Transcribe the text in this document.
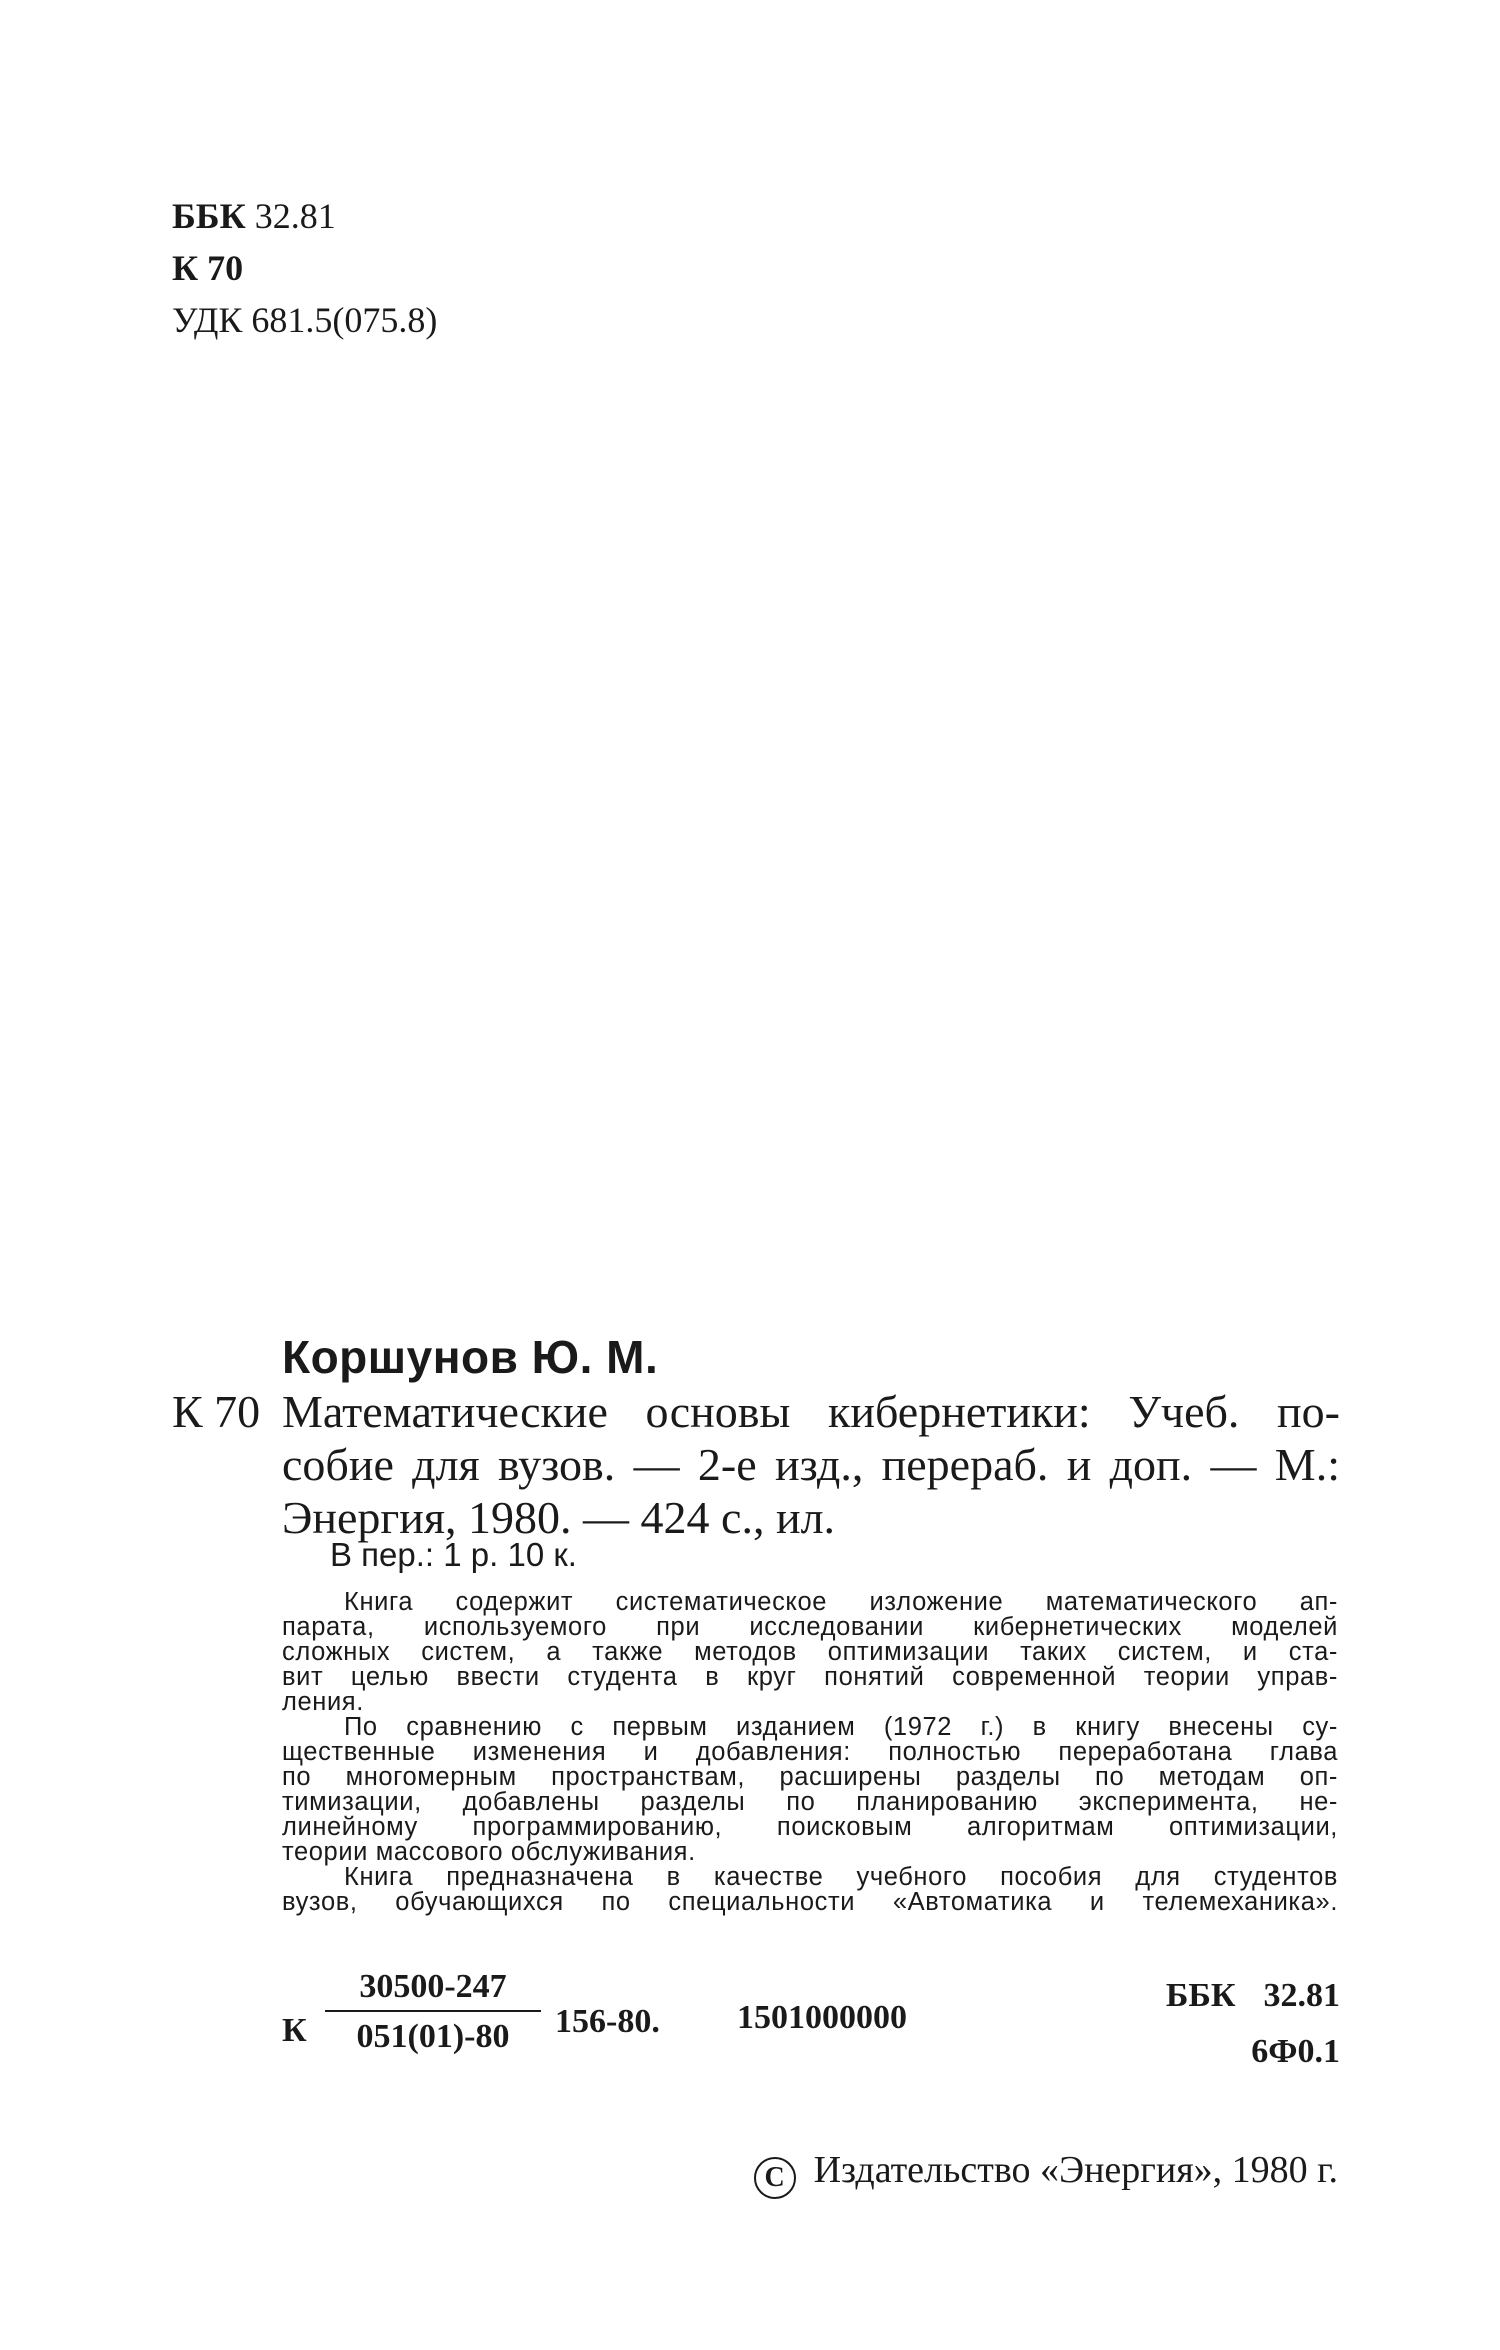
ББК 32.81
К 70
УДК 681.5(075.8)
Коршунов Ю. М.
К 70 Математические основы кибернетики: Учеб. по-
собие для вузов. — 2-е изд., перераб. и доп. — М.:
Энергия, 1980. — 424 с., ил.
В пер.: 1 р. 10 к.
Книга содержит систематическое изложение математического ап-
парата, используемого при исследовании кибернетических моделей
сложных систем, а также методов оптимизации таких систем, и ста-
вит целью ввести студента в круг понятий современной теории управ-
ления.
По сравнению с первым изданием (1972 г.) в книгу внесены су-
щественные изменения и добавления: полностью переработана глава
по многомерным пространствам, расширены разделы по методам оп-
тимизации, добавлены разделы по планированию эксперимента, не-
линейному программированию, поисковым алгоритмам оптимизации,
теории массового обслуживания.
Книга предназначена в качестве учебного пособия для студентов
вузов, обучающихся по специальности «Автоматика и телемеханика».
К $\frac{30500-247}{051(01)-80} 156-80$. 1501000000
ББК 32.81
6Ф0.1
C Издательство «Энергия», 1980 г.
